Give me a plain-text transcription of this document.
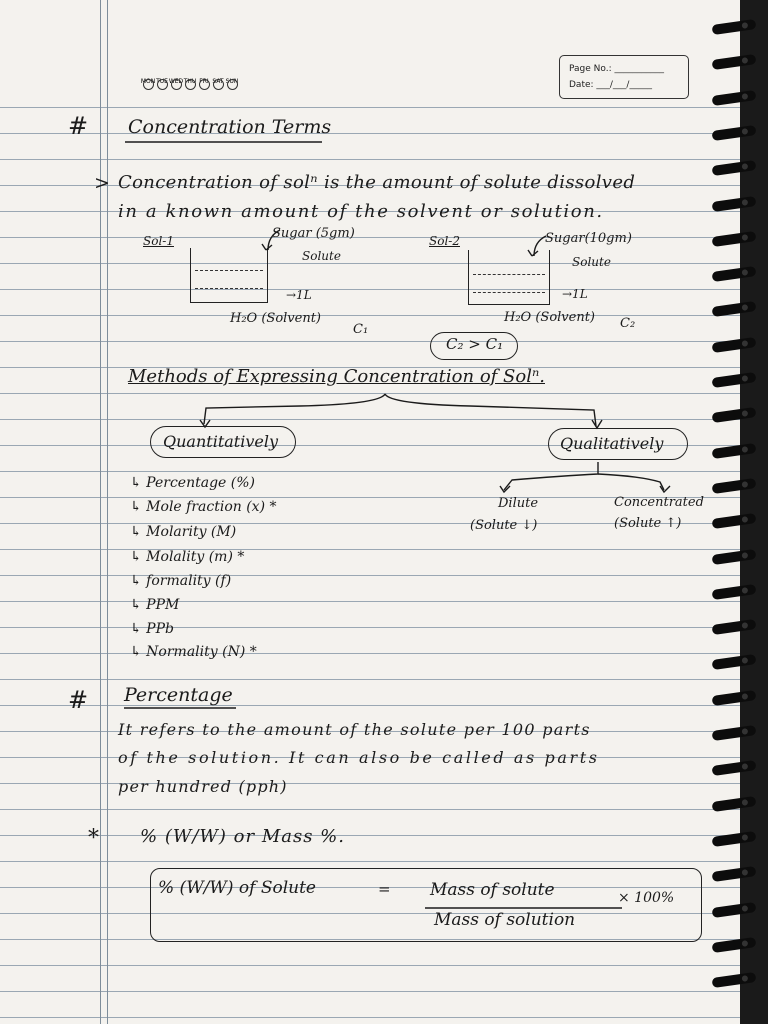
MON TUE WED THU FRI SAT SUN
Page No.: ___________
Date: ___/___/_____
# Concentration Terms
> Concentration of solⁿ is the amount of solute dissolved
in a known amount of the solvent or solution.
Sol-1	Sugar (5gm)
Solute
→1L
H₂O (Solvent)
C₁
Sol-2	Sugar(10gm)
Solute
→1L
H₂O (Solvent) C₂
C₂ > C₁
Methods of Expressing Concentration of Solⁿ.
Quantitatively	Qualitatively
↳ Percentage (%)
↳ Mole fraction (x) *
↳ Molarity (M)
↳ Molality (m) *
↳ formality (f)
↳ PPM
↳ PPb
↳ Normality (N) *
Dilute
(Solute ↓)
Concentrated
(Solute ↑)
# Percentage
It refers to the amount of the solute per 100 parts
of the solution. It can also be called as parts
per hundred (pph)
* % (W/W) or Mass %.
% (W/W) of Solute	= Mass of solute
Mass of solution
× 100%
